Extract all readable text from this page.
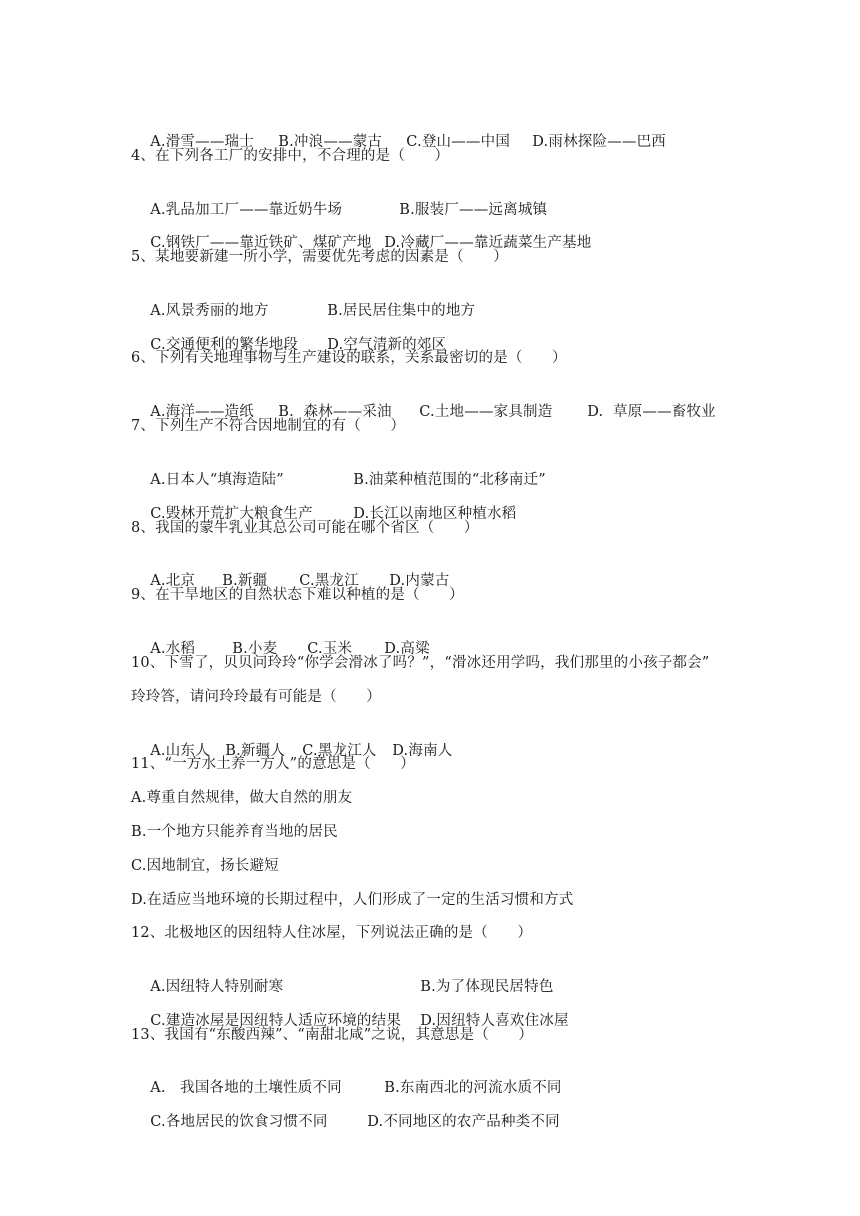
A.滑雪——瑞士 B.冲浪——蒙古 C.登山——中国 D.雨林探险——巴西

4、在下列各工厂的安排中，不合理的是（　　）

A.乳品加工厂——靠近奶牛场	B.服装厂——远离城镇

C.钢铁厂——靠近铁矿、煤矿产地 D.冷藏厂——靠近蔬菜生产基地

5、某地要新建一所小学，需要优先考虑的因素是（　　）

A.风景秀丽的地方	B.居民居住集中的地方

C.交通便利的繁华地段 D.空气清新的郊区

6、下列有关地理事物与生产建设的联系，关系最密切的是（　　）

A.海洋——造纸 B.  森林——采油 C.土地——家具制造 D.  草原——畜牧业

7、下列生产不符合因地制宜的有（　　）

A.日本人“填海造陆”	B.油菜种植范围的“北移南迁”

C.毁林开荒扩大粮食生产	D.长江以南地区种植水稻

8、我国的蒙牛乳业其总公司可能在哪个省区（　　）

A.北京 B.新疆 C.黑龙江 D.内蒙古

9、在干旱地区的自然状态下难以种植的是（　　）

A.水稻	B.小麦 C.玉米 D.高粱

10、下雪了，贝贝问玲玲“你学会滑冰了吗？”，“滑冰还用学吗，我们那里的小孩子都会”
玲玲答，请问玲玲最有可能是（　　）

A.山东人 B.新疆人 C.黑龙江人 D.海南人

11、“一方水土养一方人”的意思是（　　）
A.尊重自然规律，做大自然的朋友
B.一个地方只能养育当地的居民
C.因地制宜，扬长避短
D.在适应当地环境的长期过程中，人们形成了一定的生活习惯和方式
12、北极地区的因纽特人住冰屋，下列说法正确的是（　　）

A.因纽特人特别耐寒	B.为了体现民居特色

C.建造冰屋是因纽特人适应环境的结果 D.因纽特人喜欢住冰屋

13、我国有“东酸西辣”、“南甜北咸”之说，其意思是（　　）

A.   我国各地的土壤性质不同	B.东南西北的河流水质不同

C.各地居民的饮食习惯不同	D.不同地区的农产品种类不同
